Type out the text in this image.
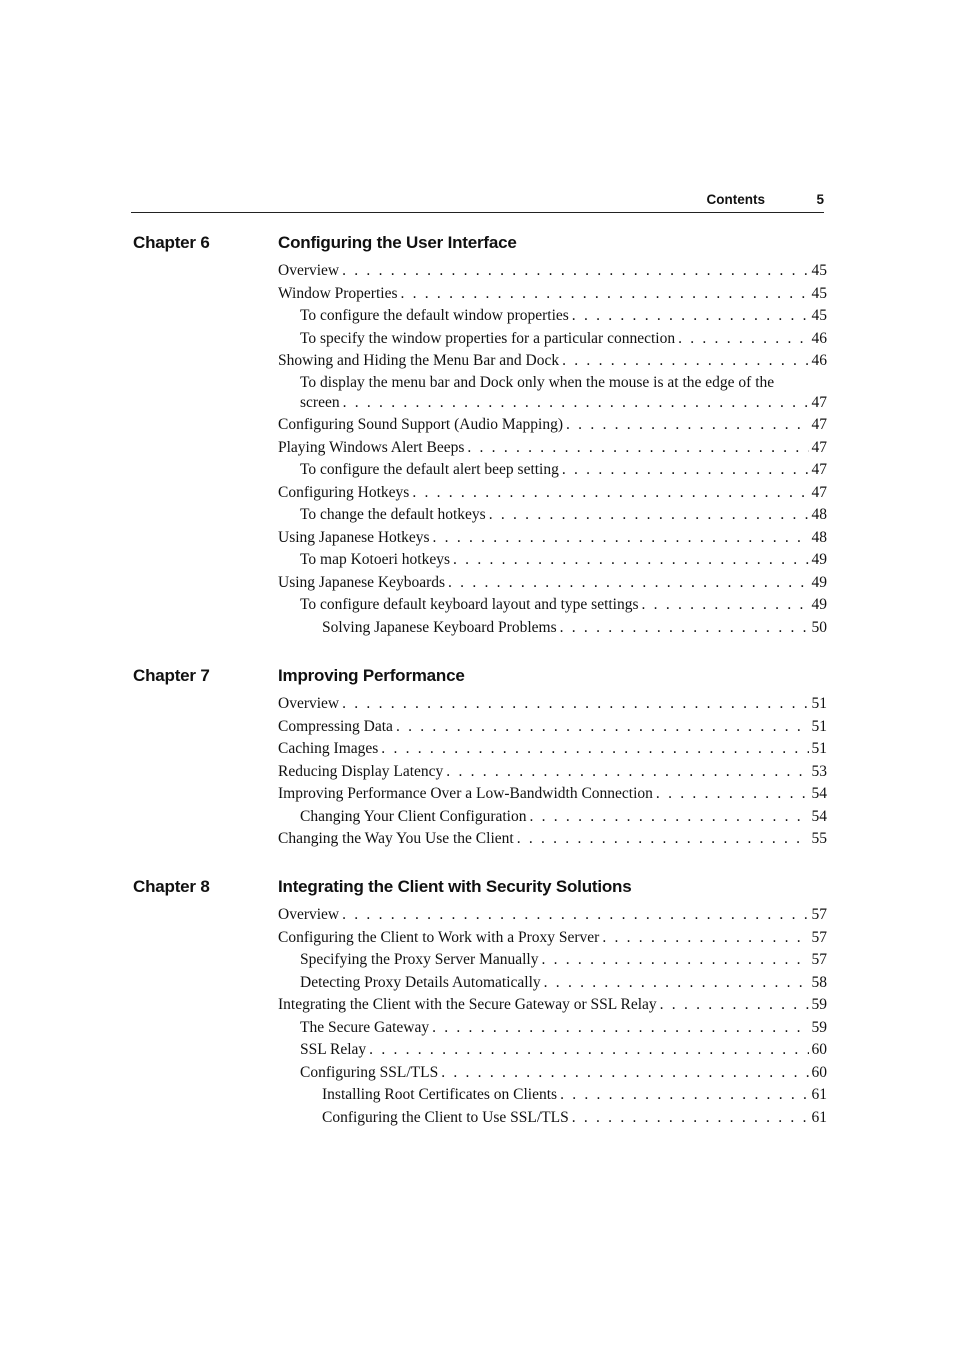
Contents	5
Chapter 6	Configuring the User Interface
Overview . . .	45
Window Properties . . .	45
To configure the default window properties . . .	45
To specify the window properties for a particular connection . . .	46
Showing and Hiding the Menu Bar and Dock . . .	46
To display the menu bar and Dock only when the mouse is at the edge of the
screen . . .	47
Configuring Sound Support (Audio Mapping) . . .	47
Playing Windows Alert Beeps . . .	47
To configure the default alert beep setting . . .	47
Configuring Hotkeys . . .	47
To change the default hotkeys . . .	48
Using Japanese Hotkeys . . .	48
To map Kotoeri hotkeys . . .	49
Using Japanese Keyboards . . .	49
To configure default keyboard layout and type settings . . .	49
Solving Japanese Keyboard Problems . . .	50
Chapter 7	Improving Performance
Overview . . .	51
Compressing Data . . .	51
Caching Images . . .	51
Reducing Display Latency . . .	53
Improving Performance Over a Low-Bandwidth Connection . . .	54
Changing Your Client Configuration . . .	54
Changing the Way You Use the Client . . .	55
Chapter 8	Integrating the Client with Security Solutions
Overview . . .	57
Configuring the Client to Work with a Proxy Server . . .	57
Specifying the Proxy Server Manually . . .	57
Detecting Proxy Details Automatically . . .	58
Integrating the Client with the Secure Gateway or SSL Relay . . .	59
The Secure Gateway . . .	59
SSL Relay . . .	60
Configuring SSL/TLS . . .	60
Installing Root Certificates on Clients . . .	61
Configuring the Client to Use SSL/TLS . . .	61
